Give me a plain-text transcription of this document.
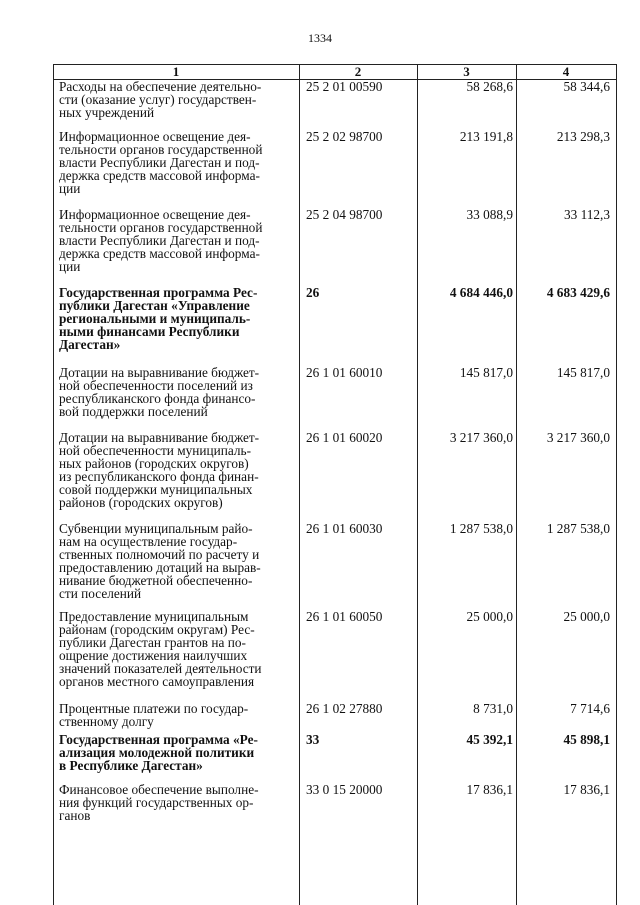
1334
1	2	3	4
Расходы на обеспечение деятельно-
сти (оказание услуг) государствен-
ных учреждений
25 2 01 00590	58 268,6	58 344,6
Информационное освещение дея-
тельности органов государственной
власти Республики Дагестан и под-
держка средств массовой информа-
ции
25 2 02 98700	213 191,8	213 298,3
Информационное освещение дея-
тельности органов государственной
власти Республики Дагестан и под-
держка средств массовой информа-
ции
25 2 04 98700	33 088,9	33 112,3
Государственная программа Рес-
публики Дагестан «Управление
региональными и муниципаль-
ными финансами Республики
Дагестан»
26	4 684 446,0	4 683 429,6
Дотации на выравнивание бюджет-
ной обеспеченности поселений из
республиканского фонда финансо-
вой поддержки поселений
26 1 01 60010	145 817,0	145 817,0
Дотации на выравнивание бюджет-
ной обеспеченности муниципаль-
ных районов (городских округов)
из республиканского фонда финан-
совой поддержки муниципальных
районов (городских округов)
26 1 01 60020	3 217 360,0	3 217 360,0
Субвенции муниципальным райо-
нам на осуществление государ-
ственных полномочий по расчету и
предоставлению дотаций на вырав-
нивание бюджетной обеспеченно-
сти поселений
26 1 01 60030	1 287 538,0	1 287 538,0
Предоставление муниципальным
районам (городским округам) Рес-
публики Дагестан грантов на по-
ощрение достижения наилучших
значений показателей деятельности
органов местного самоуправления
26 1 01 60050	25 000,0	25 000,0
Процентные платежи по государ-
ственному долгу
26 1 02 27880	8 731,0	7 714,6
Государственная программа «Ре-
ализация молодежной политики
в Республике Дагестан»
33	45 392,1	45 898,1
Финансовое обеспечение выполне-
ния функций государственных ор-
ганов
33 0 15 20000	17 836,1	17 836,1
